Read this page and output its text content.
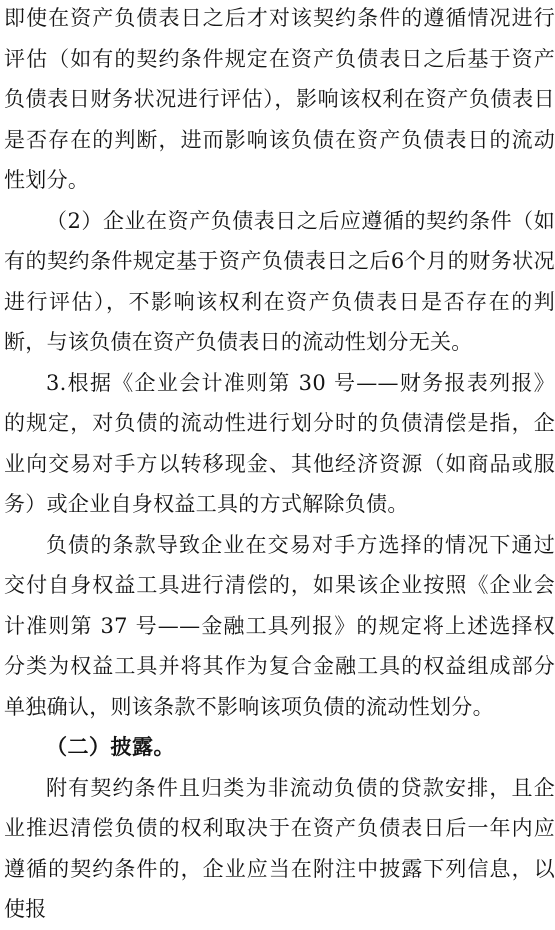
即使在资产负债表日之后才对该契约条件的遵循情况进行评估（如有的契约条件规定在资产负债表日之后基于资产负债表日财务状况进行评估），影响该权利在资产负债表日是否存在的判断，进而影响该负债在资产负债表日的流动性划分。

（2）企业在资产负债表日之后应遵循的契约条件（如有的契约条件规定基于资产负债表日之后6个月的财务状况进行评估），不影响该权利在资产负债表日是否存在的判断，与该负债在资产负债表日的流动性划分无关。

3.根据《企业会计准则第 30 号——财务报表列报》的规定，对负债的流动性进行划分时的负债清偿是指，企业向交易对手方以转移现金、其他经济资源（如商品或服务）或企业自身权益工具的方式解除负债。

负债的条款导致企业在交易对手方选择的情况下通过交付自身权益工具进行清偿的，如果该企业按照《企业会计准则第 37 号——金融工具列报》的规定将上述选择权分类为权益工具并将其作为复合金融工具的权益组成部分单独确认，则该条款不影响该项负债的流动性划分。

（二）披露。

附有契约条件且归类为非流动负债的贷款安排，且企业推迟清偿负债的权利取决于在资产负债表日后一年内应遵循的契约条件的，企业应当在附注中披露下列信息，以使报
